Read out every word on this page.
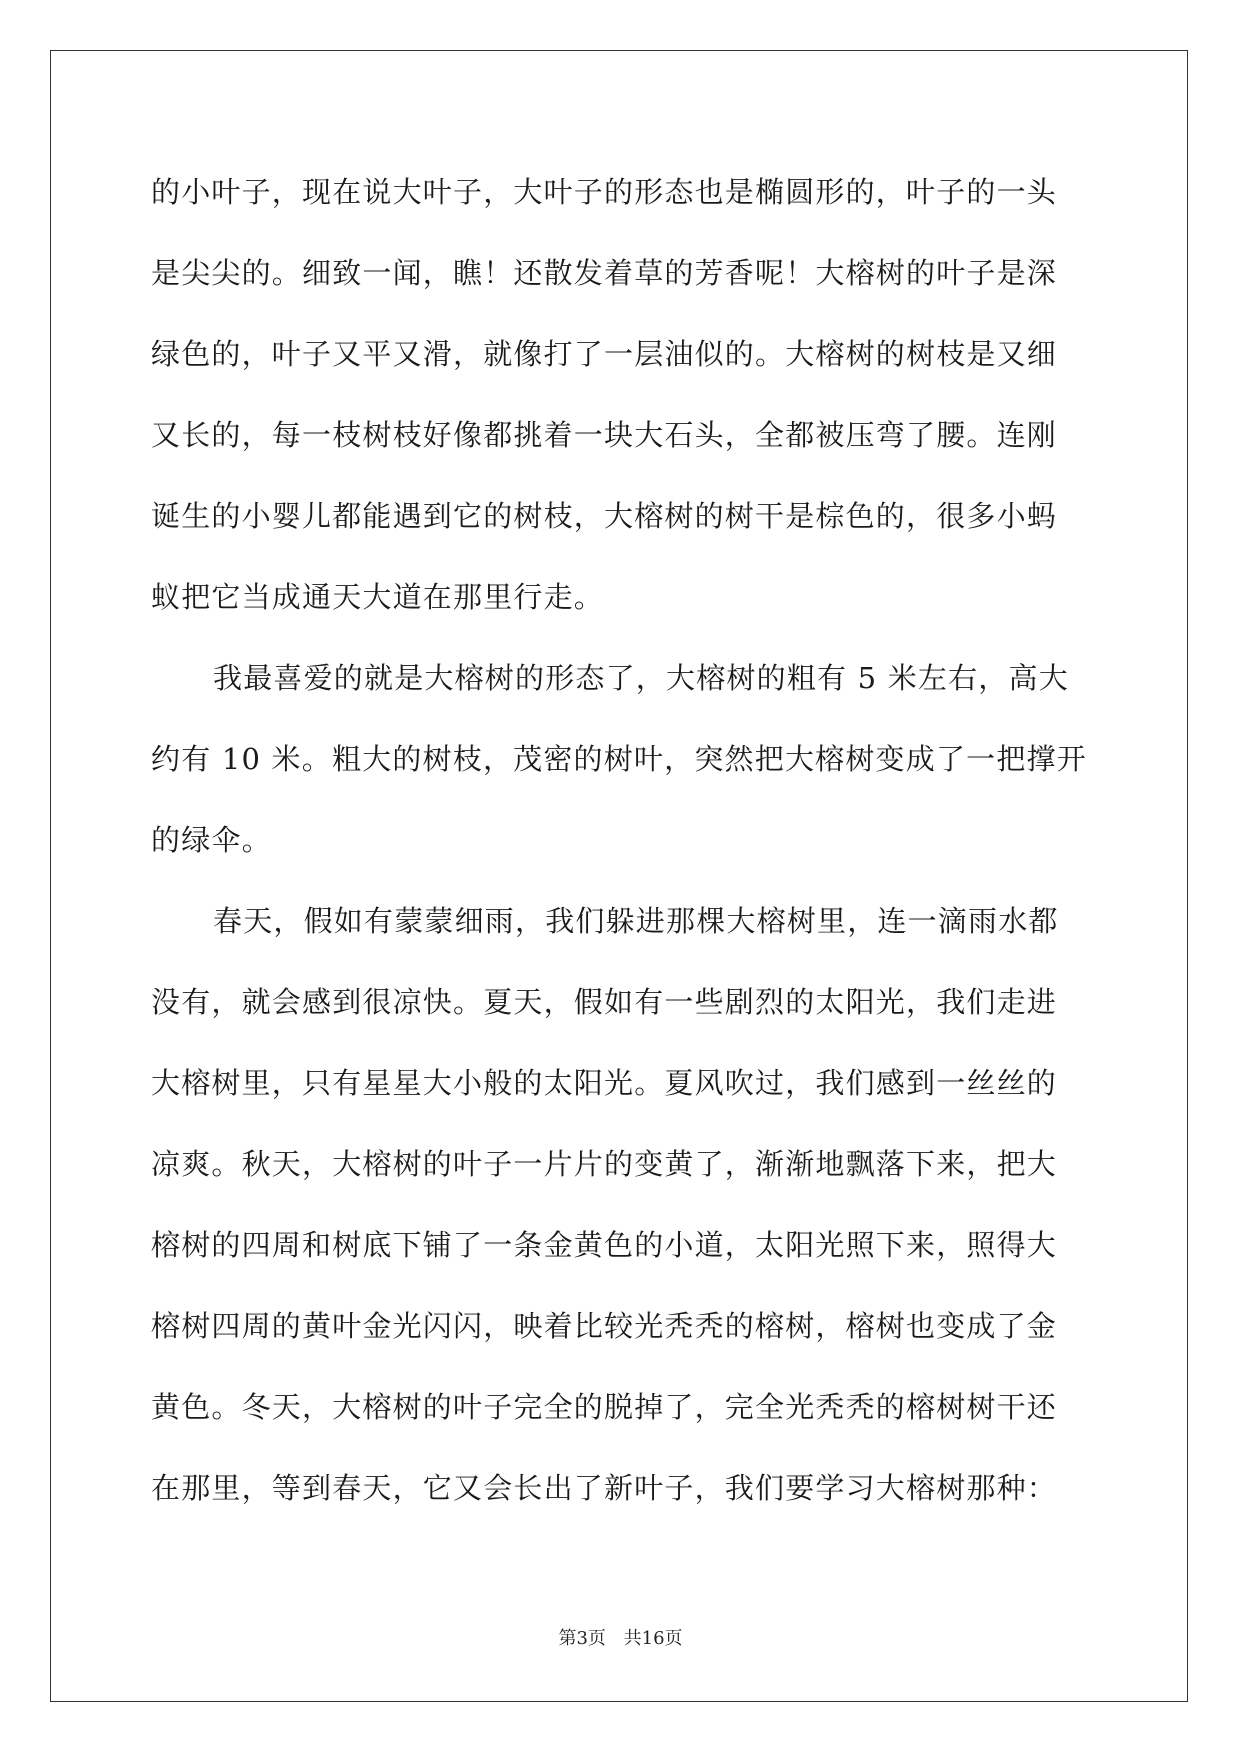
的小叶子，现在说大叶子，大叶子的形态也是椭圆形的，叶子的一头
是尖尖的。细致一闻，瞧！还散发着草的芳香呢！大榕树的叶子是深
绿色的，叶子又平又滑，就像打了一层油似的。大榕树的树枝是又细
又长的，每一枝树枝好像都挑着一块大石头，全都被压弯了腰。连刚
诞生的小婴儿都能遇到它的树枝，大榕树的树干是棕色的，很多小蚂
蚁把它当成通天大道在那里行走。
我最喜爱的就是大榕树的形态了，大榕树的粗有 5 米左右，高大
约有 10 米。粗大的树枝，茂密的树叶，突然把大榕树变成了一把撑开
的绿伞。
春天，假如有蒙蒙细雨，我们躲进那棵大榕树里，连一滴雨水都
没有，就会感到很凉快。夏天，假如有一些剧烈的太阳光，我们走进
大榕树里，只有星星大小般的太阳光。夏风吹过，我们感到一丝丝的
凉爽。秋天，大榕树的叶子一片片的变黄了，渐渐地飘落下来，把大
榕树的四周和树底下铺了一条金黄色的小道，太阳光照下来，照得大
榕树四周的黄叶金光闪闪，映着比较光秃秃的榕树，榕树也变成了金
黄色。冬天，大榕树的叶子完全的脱掉了，完全光秃秃的榕树树干还
在那里，等到春天，它又会长出了新叶子，我们要学习大榕树那种：
第3页 共16页
